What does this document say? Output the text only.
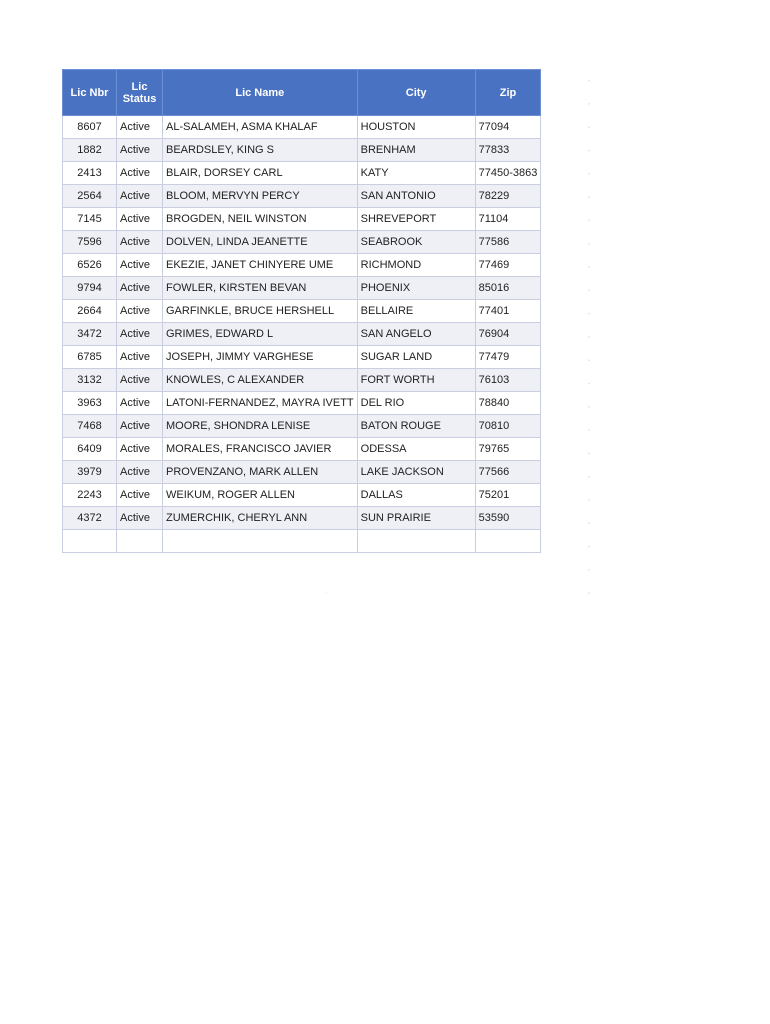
Lic Nbr	Lic Status	Lic Name	City	Zip
8607	Active	AL-SALAMEH, ASMA KHALAF	HOUSTON	77094
1882	Active	BEARDSLEY, KING S	BRENHAM	77833
2413	Active	BLAIR, DORSEY CARL	KATY	77450-3863
2564	Active	BLOOM, MERVYN PERCY	SAN ANTONIO	78229
7145	Active	BROGDEN, NEIL WINSTON	SHREVEPORT	71104
7596	Active	DOLVEN, LINDA JEANETTE	SEABROOK	77586
6526	Active	EKEZIE, JANET CHINYERE UME	RICHMOND	77469
9794	Active	FOWLER, KIRSTEN BEVAN	PHOENIX	85016
2664	Active	GARFINKLE, BRUCE HERSHELL	BELLAIRE	77401
3472	Active	GRIMES, EDWARD L	SAN ANGELO	76904
6785	Active	JOSEPH, JIMMY VARGHESE	SUGAR LAND	77479
3132	Active	KNOWLES, C ALEXANDER	FORT WORTH	76103
3963	Active	LATONI-FERNANDEZ, MAYRA IVETT	DEL RIO	78840
7468	Active	MOORE, SHONDRA LENISE	BATON ROUGE	70810
6409	Active	MORALES, FRANCISCO JAVIER	ODESSA	79765
3979	Active	PROVENZANO, MARK ALLEN	LAKE JACKSON	77566
2243	Active	WEIKUM, ROGER ALLEN	DALLAS	75201
4372	Active	ZUMERCHIK, CHERYL ANN	SUN PRAIRIE	53590
